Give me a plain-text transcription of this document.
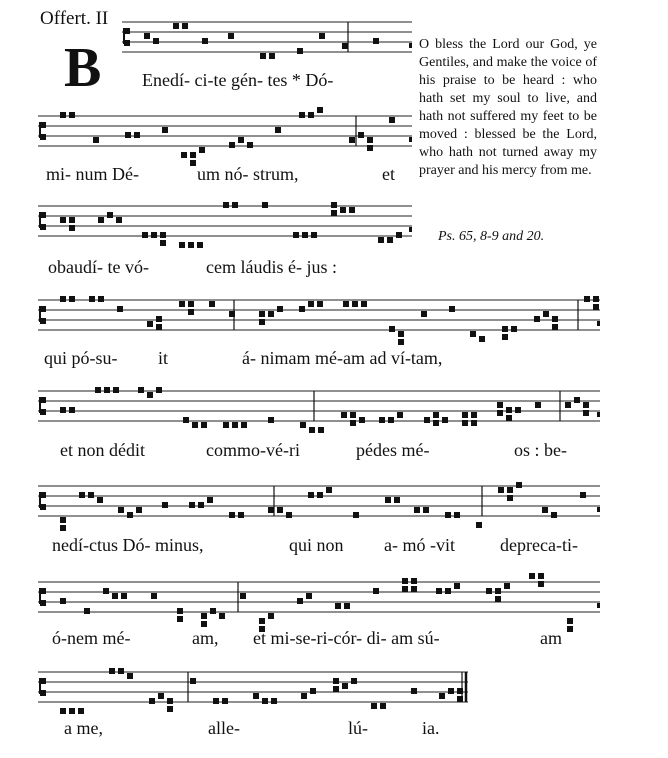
Offert. II
B Enedí- ci-te gén- tes * Dó-
mi- num Dé-	um nó- strum,	et
obaudí- te vó-	cem láudis é- jus :
qui pó-su- it	á- nimam mé-am ad ví-tam,
et non dédit	commo-vé-ri	pédes mé-	os : be-
nedí-ctus Dó- minus,	qui non a- mó -vit	depreca-ti-
ó-nem mé-	am, et mi-se-ri-cór- di- am sú-	am
a me,	alle-	lú-	ia.

O bless the Lord our God, ye Gentiles, and make the voice of his praise to be heard : who hath set my soul to live, and hath not suffered my feet to be moved : blessed be the Lord, who hath not turned away my prayer and his mercy from me.

Ps. 65, 8-9 and 20.
